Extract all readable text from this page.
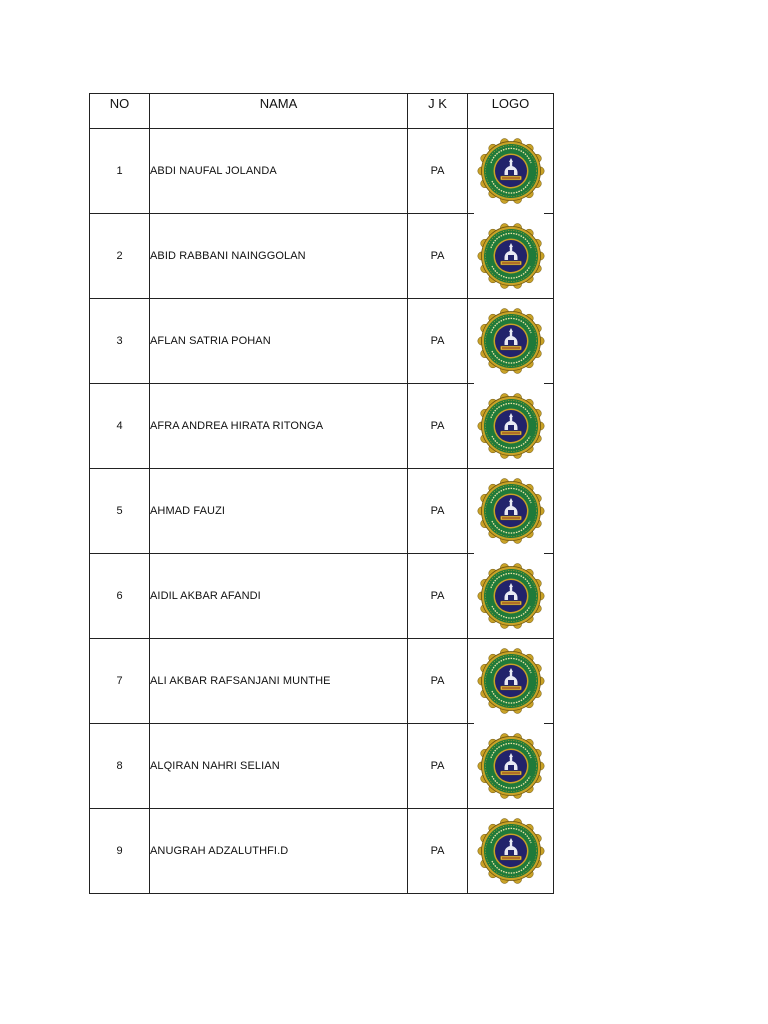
NO	NAMA	J K	LOGO
1	ABDI NAUFAL JOLANDA	PA	

2	ABID RABBANI NAINGGOLAN	PA	

3	AFLAN SATRIA POHAN	PA	

4	AFRA ANDREA HIRATA RITONGA	PA	

5	AHMAD FAUZI	PA	

6	AIDIL AKBAR AFANDI	PA	

7	ALI AKBAR RAFSANJANI MUNTHE	PA	

8	ALQIRAN NAHRI SELIAN	PA	

9	ANUGRAH ADZALUTHFI.D	PA	
